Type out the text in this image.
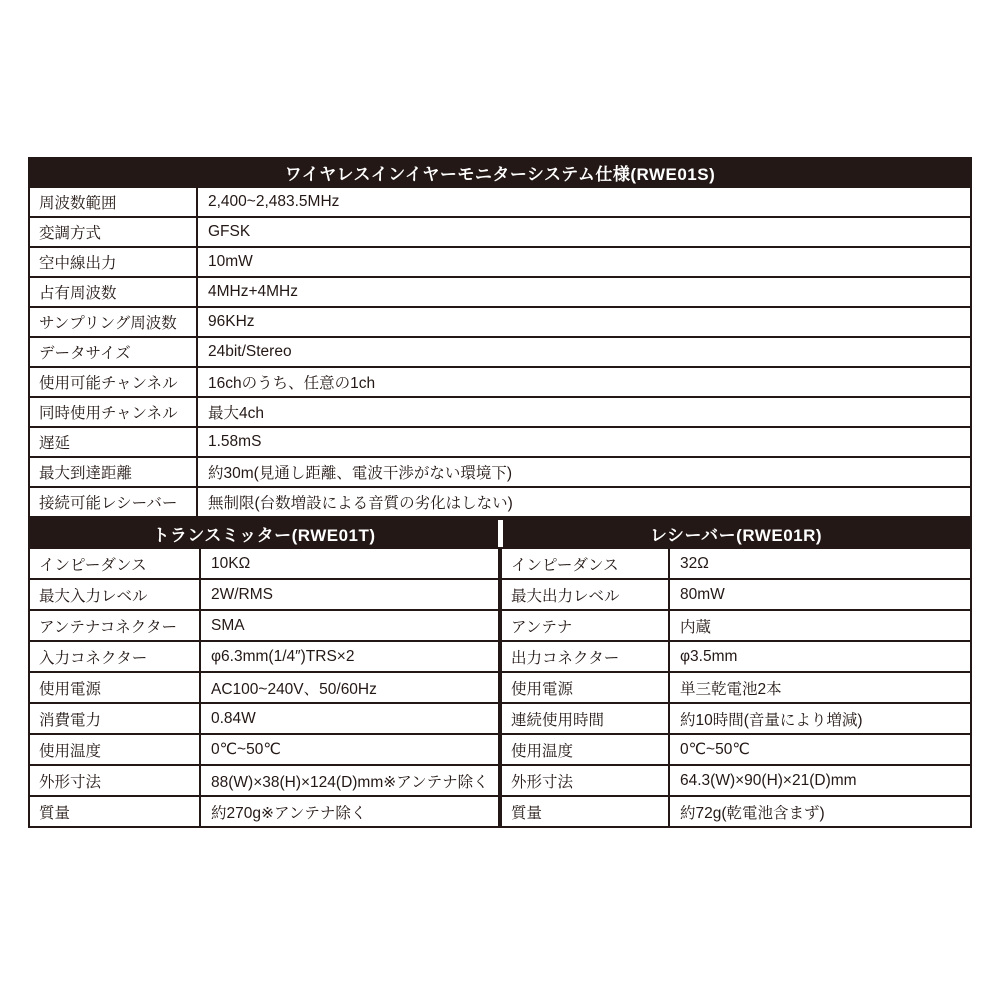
ワイヤレスインイヤーモニターシステム仕様(RWE01S)
周波数範囲	2,400~2,483.5MHz
変調方式	GFSK
空中線出力	10mW
占有周波数	4MHz+4MHz
サンプリング周波数	96KHz
データサイズ	24bit/Stereo
使用可能チャンネル	16chのうち、任意の1ch
同時使用チャンネル	最大4ch
遅延	1.58mS
最大到達距離	約30m(見通し距離、電波干渉がない環境下)
接続可能レシーバー	無制限(台数増設による音質の劣化はしない)
トランスミッター(RWE01T)
インピーダンス	10KΩ
最大入力レベル	2W/RMS
アンテナコネクター	SMA
入力コネクター	φ6.3mm(1/4″)TRS×2
使用電源	AC100~240V、50/60Hz
消費電力	0.84W
使用温度	0℃~50℃
外形寸法	88(W)×38(H)×124(D)mm※アンテナ除く
質量	約270g※アンテナ除く
レシーバー(RWE01R)
インピーダンス	32Ω
最大出力レベル	80mW
アンテナ	内蔵
出力コネクター	φ3.5mm
使用電源	単三乾電池2本
連続使用時間	約10時間(音量により増減)
使用温度	0℃~50℃
外形寸法	64.3(W)×90(H)×21(D)mm
質量	約72g(乾電池含まず)
